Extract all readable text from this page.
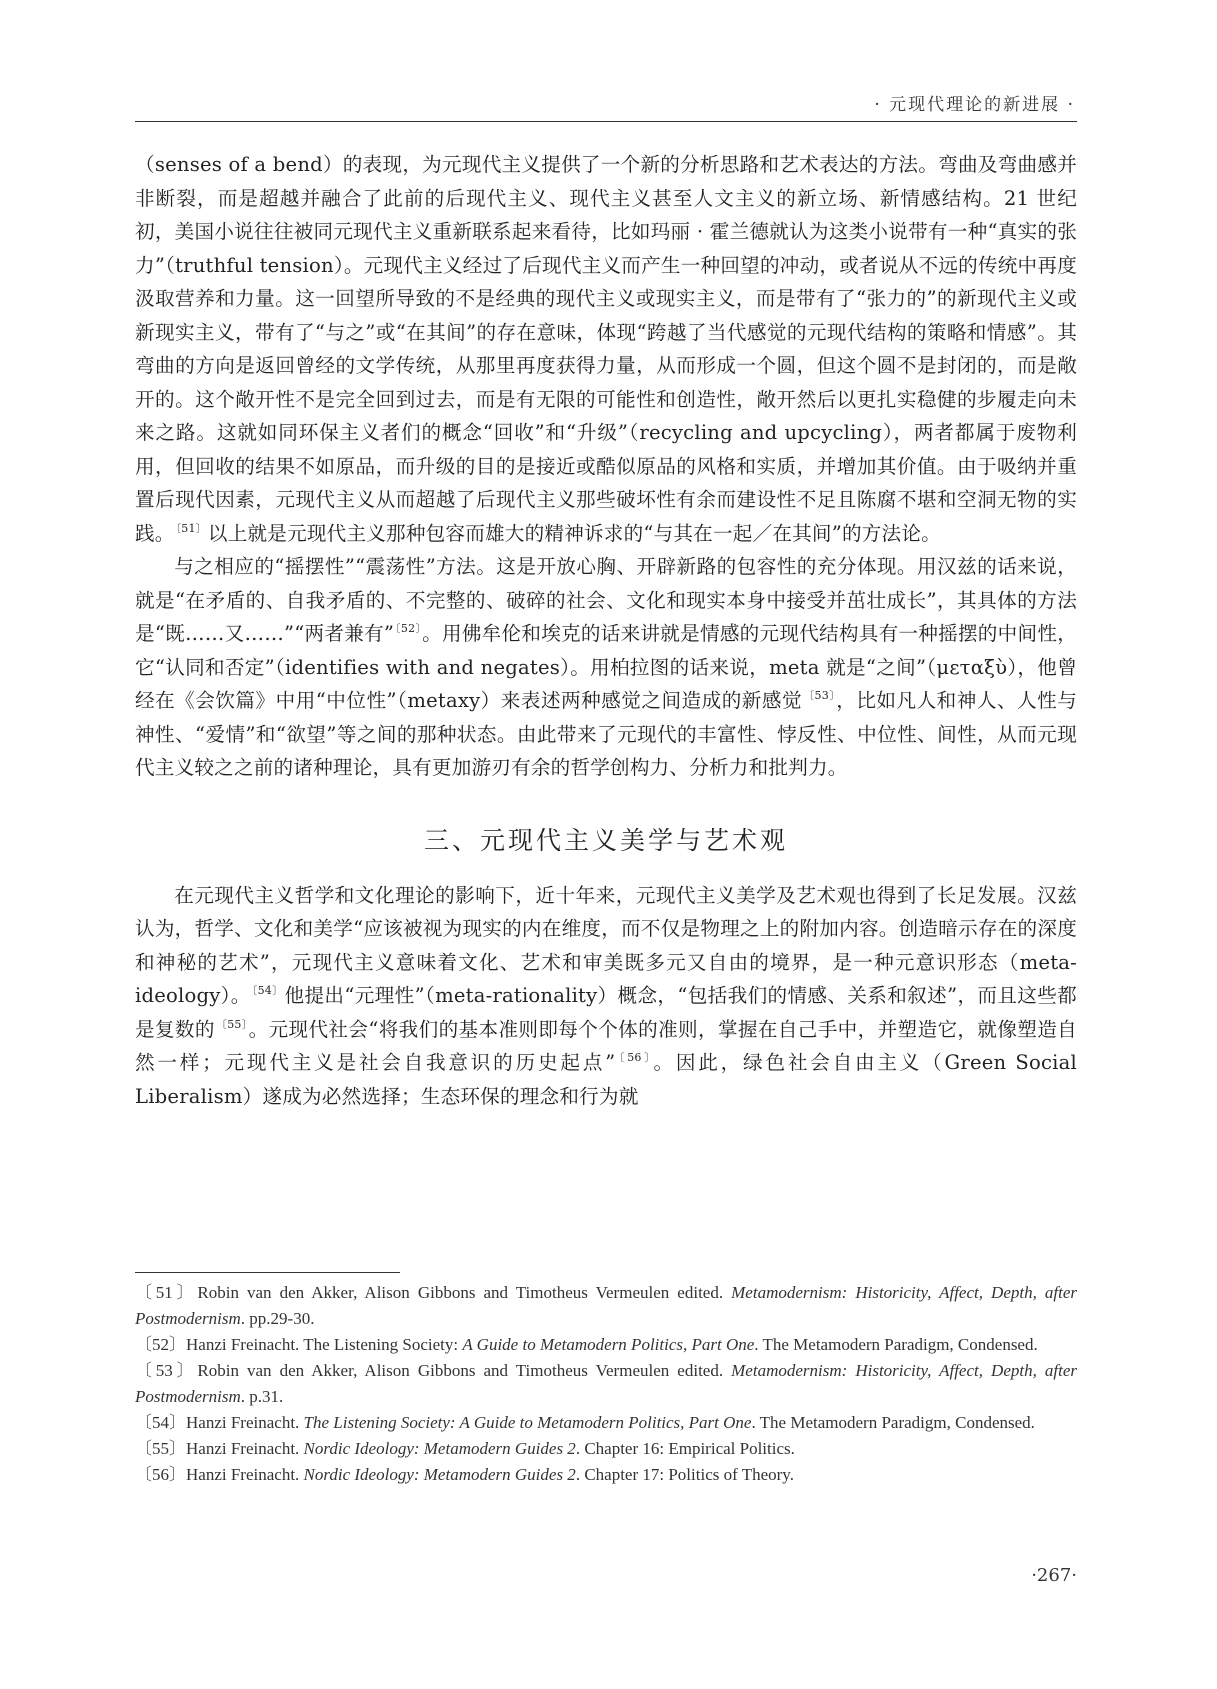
· 元现代理论的新进展 ·

（senses of a bend）的表现，为元现代主义提供了一个新的分析思路和艺术表达的方法。弯曲及弯曲感并非断裂，而是超越并融合了此前的后现代主义、现代主义甚至人文主义的新立场、新情感结构。21 世纪初，美国小说往往被同元现代主义重新联系起来看待，比如玛丽 · 霍兰德就认为这类小说带有一种“真实的张力”（truthful tension）。元现代主义经过了后现代主义而产生一种回望的冲动，或者说从不远的传统中再度汲取营养和力量。这一回望所导致的不是经典的现代主义或现实主义，而是带有了“张力的”的新现代主义或新现实主义，带有了“与之”或“在其间”的存在意味，体现“跨越了当代感觉的元现代结构的策略和情感”。其弯曲的方向是返回曾经的文学传统，从那里再度获得力量，从而形成一个圆，但这个圆不是封闭的，而是敞开的。这个敞开性不是完全回到过去，而是有无限的可能性和创造性，敞开然后以更扎实稳健的步履走向未来之路。这就如同环保主义者们的概念“回收”和“升级”（recycling and upcycling），两者都属于废物利用，但回收的结果不如原品，而升级的目的是接近或酷似原品的风格和实质，并增加其价值。由于吸纳并重置后现代因素，元现代主义从而超越了后现代主义那些破坏性有余而建设性不足且陈腐不堪和空洞无物的实践。$^{〔51〕}$以上就是元现代主义那种包容而雄大的精神诉求的“与其在一起／在其间”的方法论。

与之相应的“摇摆性”“震荡性”方法。这是开放心胸、开辟新路的包容性的充分体现。用汉兹的话来说，就是“在矛盾的、自我矛盾的、不完整的、破碎的社会、文化和现实本身中接受并茁壮成长”，其具体的方法是“既……又……”“两者兼有”$^{〔52〕}$。用佛牟伦和埃克的话来讲就是情感的元现代结构具有一种摇摆的中间性，它“认同和否定”（identifies with and negates）。用柏拉图的话来说，meta 就是“之间”（μεταξὺ），他曾经在《会饮篇》中用“中位性”（metaxy）来表述两种感觉之间造成的新感觉$^{〔53〕}$，比如凡人和神人、人性与神性、“爱情”和“欲望”等之间的那种状态。由此带来了元现代的丰富性、悖反性、中位性、间性，从而元现代主义较之之前的诸种理论，具有更加游刃有余的哲学创构力、分析力和批判力。

三、元现代主义美学与艺术观

在元现代主义哲学和文化理论的影响下，近十年来，元现代主义美学及艺术观也得到了长足发展。汉兹认为，哲学、文化和美学“应该被视为现实的内在维度，而不仅是物理之上的附加内容。创造暗示存在的深度和神秘的艺术”，元现代主义意味着文化、艺术和审美既多元又自由的境界，是一种元意识形态（meta-ideology）。$^{〔54〕}$他提出“元理性”（meta-rationality）概念，“包括我们的情感、关系和叙述”，而且这些都是复数的$^{〔55〕}$。元现代社会“将我们的基本准则即每个个体的准则，掌握在自己手中，并塑造它，就像塑造自然一样；元现代主义是社会自我意识的历史起点”$^{〔56〕}$。因此，绿色社会自由主义（Green Social Liberalism）遂成为必然选择；生态环保的理念和行为就

〔51〕Robin van den Akker, Alison Gibbons and Timotheus Vermeulen edited. Metamodernism: Historicity, Affect, Depth, after Postmodernism. pp.29-30.

〔52〕Hanzi Freinacht. The Listening Society: A Guide to Metamodern Politics, Part One. The Metamodern Paradigm, Condensed.

〔53〕Robin van den Akker, Alison Gibbons and Timotheus Vermeulen edited. Metamodernism: Historicity, Affect, Depth, after Postmodernism. p.31.

〔54〕Hanzi Freinacht. The Listening Society: A Guide to Metamodern Politics, Part One. The Metamodern Paradigm, Condensed.

〔55〕Hanzi Freinacht. Nordic Ideology: Metamodern Guides 2. Chapter 16: Empirical Politics.

〔56〕Hanzi Freinacht. Nordic Ideology: Metamodern Guides 2. Chapter 17: Politics of Theory.

·267·
